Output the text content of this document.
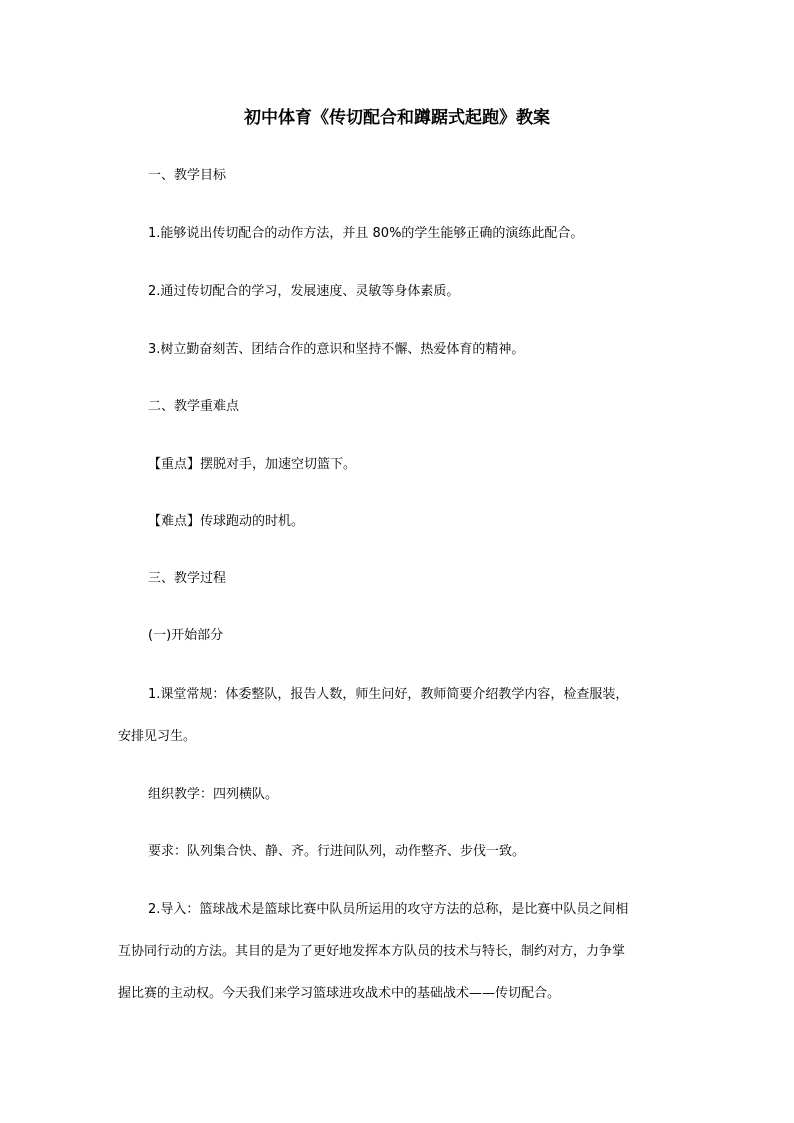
初中体育《传切配合和蹲踞式起跑》教案

一、教学目标

1.能够说出传切配合的动作方法，并且 80%的学生能够正确的演练此配合。

2.通过传切配合的学习，发展速度、灵敏等身体素质。

3.树立勤奋刻苦、团结合作的意识和坚持不懈、热爱体育的精神。

二、教学重难点

【重点】摆脱对手，加速空切篮下。

【难点】传球跑动的时机。

三、教学过程

(一)开始部分

1.课堂常规：体委整队，报告人数，师生问好，教师简要介绍教学内容，检查服装，

安排见习生。

组织教学：四列横队。

要求：队列集合快、静、齐。行进间队列，动作整齐、步伐一致。

2.导入：篮球战术是篮球比赛中队员所运用的攻守方法的总称，是比赛中队员之间相

互协同行动的方法。其目的是为了更好地发挥本方队员的技术与特长，制约对方，力争掌

握比赛的主动权。今天我们来学习篮球进攻战术中的基础战术——传切配合。
